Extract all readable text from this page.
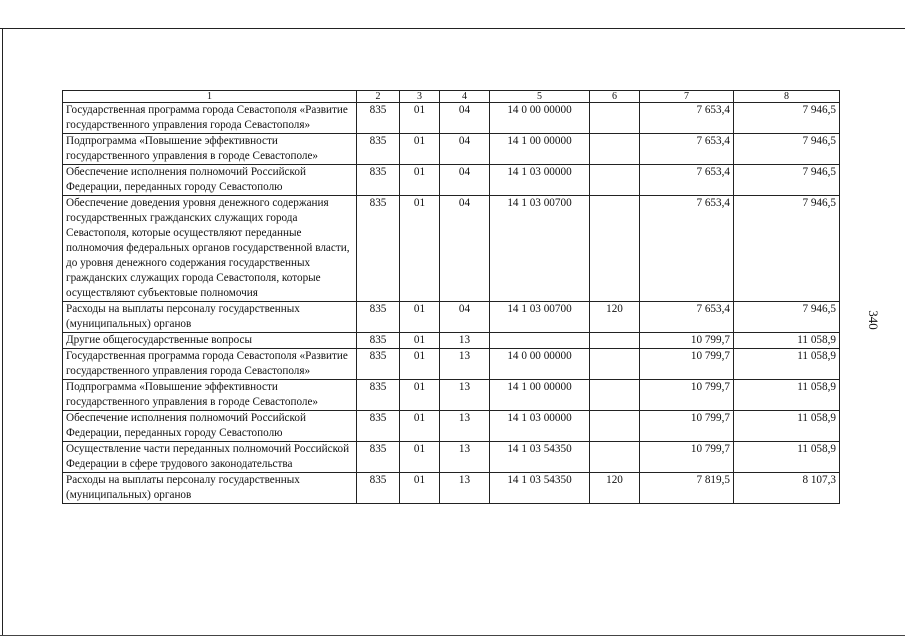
340
1	2	3	4	5	6	7	8
Государственная программа города Севастополя «Развитие государственного управления города Севастополя»	835	01	04	14 0 00 00000		7 653,4	7 946,5
Подпрограмма «Повышение эффективности государственного управления в городе Севастополе»	835	01	04	14 1 00 00000		7 653,4	7 946,5
Обеспечение исполнения полномочий Российской Федерации, переданных городу Севастополю	835	01	04	14 1 03 00000		7 653,4	7 946,5
Обеспечение доведения уровня денежного содержания государственных гражданских служащих города Севастополя, которые осуществляют переданные полномочия федеральных органов государственной власти, до уровня денежного содержания государственных гражданских служащих города Севастополя, которые осуществляют субъектовые полномочия	835	01	04	14 1 03 00700		7 653,4	7 946,5
Расходы на выплаты персоналу государственных (муниципальных) органов	835	01	04	14 1 03 00700	120	7 653,4	7 946,5
Другие общегосударственные вопросы	835	01	13			10 799,7	11 058,9
Государственная программа города Севастополя «Развитие государственного управления города Севастополя»	835	01	13	14 0 00 00000		10 799,7	11 058,9
Подпрограмма «Повышение эффективности государственного управления в городе Севастополе»	835	01	13	14 1 00 00000		10 799,7	11 058,9
Обеспечение исполнения полномочий Российской Федерации, переданных городу Севастополю	835	01	13	14 1 03 00000		10 799,7	11 058,9
Осуществление части переданных полномочий Российской Федерации в сфере трудового законодательства	835	01	13	14 1 03 54350		10 799,7	11 058,9
Расходы на выплаты персоналу государственных (муниципальных) органов	835	01	13	14 1 03 54350	120	7 819,5	8 107,3
